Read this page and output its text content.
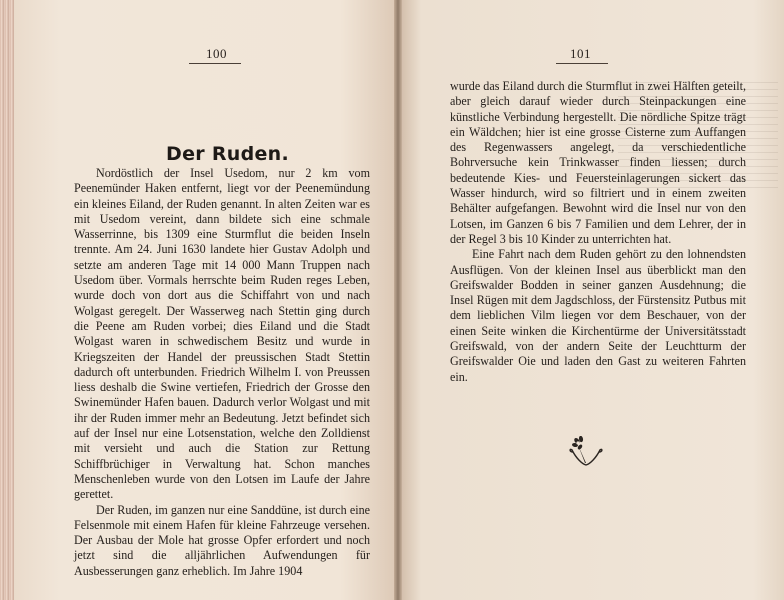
100
Der Ruden.

Nordöstlich der Insel Usedom, nur 2 km vom Peenemünder Haken entfernt, liegt vor der Peenemündung ein kleines Eiland, der Ruden genannt. In alten Zeiten war es mit Usedom vereint, dann bildete sich eine schmale Wasserrinne, bis 1309 eine Sturmflut die beiden Inseln trennte. Am 24. Juni 1630 landete hier Gustav Adolph und setzte am anderen Tage mit 14 000 Mann Truppen nach Usedom über. Vormals herrschte beim Ruden reges Leben, wurde doch von dort aus die Schiffahrt von und nach Wolgast geregelt. Der Wasserweg nach Stettin ging durch die Peene am Ruden vorbei; dies Eiland und die Stadt Wolgast waren in schwedischem Besitz und wurde in Kriegszeiten der Handel der preussischen Stadt Stettin dadurch oft unterbunden. Friedrich Wilhelm I. von Preussen liess deshalb die Swine vertiefen, Friedrich der Grosse den Swinemünder Hafen bauen. Dadurch verlor Wolgast und mit ihr der Ruden immer mehr an Bedeutung. Jetzt befindet sich auf der Insel nur eine Lotsenstation, welche den Zolldienst mit versieht und auch die Station zur Rettung Schiffbrüchiger in Verwaltung hat. Schon manches Menschenleben wurde von den Lotsen im Laufe der Jahre gerettet.

Der Ruden, im ganzen nur eine Sanddüne, ist durch eine Felsenmole mit einem Hafen für kleine Fahrzeuge versehen. Der Ausbau der Mole hat grosse Opfer erfordert und noch jetzt sind die alljährlichen Aufwendungen für Ausbesserungen ganz erheblich. Im Jahre 1904

101

wurde das Eiland durch die Sturmflut in zwei Hälften geteilt, aber gleich darauf wieder durch Steinpackungen eine künstliche Verbindung hergestellt. Die nördliche Spitze trägt ein Wäldchen; hier ist eine grosse Cisterne zum Auffangen des Regenwassers angelegt, da verschiedentliche Bohrversuche kein Trinkwasser finden liessen; durch bedeutende Kies- und Feuersteinlagerungen sickert das Wasser hindurch, wird so filtriert und in einem zweiten Behälter aufgefangen. Bewohnt wird die Insel nur von den Lotsen, im Ganzen 6 bis 7 Familien und dem Lehrer, der in der Regel 3 bis 10 Kinder zu unterrichten hat.

Eine Fahrt nach dem Ruden gehört zu den lohnendsten Ausflügen. Von der kleinen Insel aus überblickt man den Greifswalder Bodden in seiner ganzen Ausdehnung; die Insel Rügen mit dem Jagdschloss, der Fürstensitz Putbus mit dem lieblichen Vilm liegen vor dem Beschauer, von der einen Seite winken die Kirchentürme der Universitätsstadt Greifswald, von der andern Seite der Leuchtturm der Greifswalder Oie und laden den Gast zu weiteren Fahrten ein.
